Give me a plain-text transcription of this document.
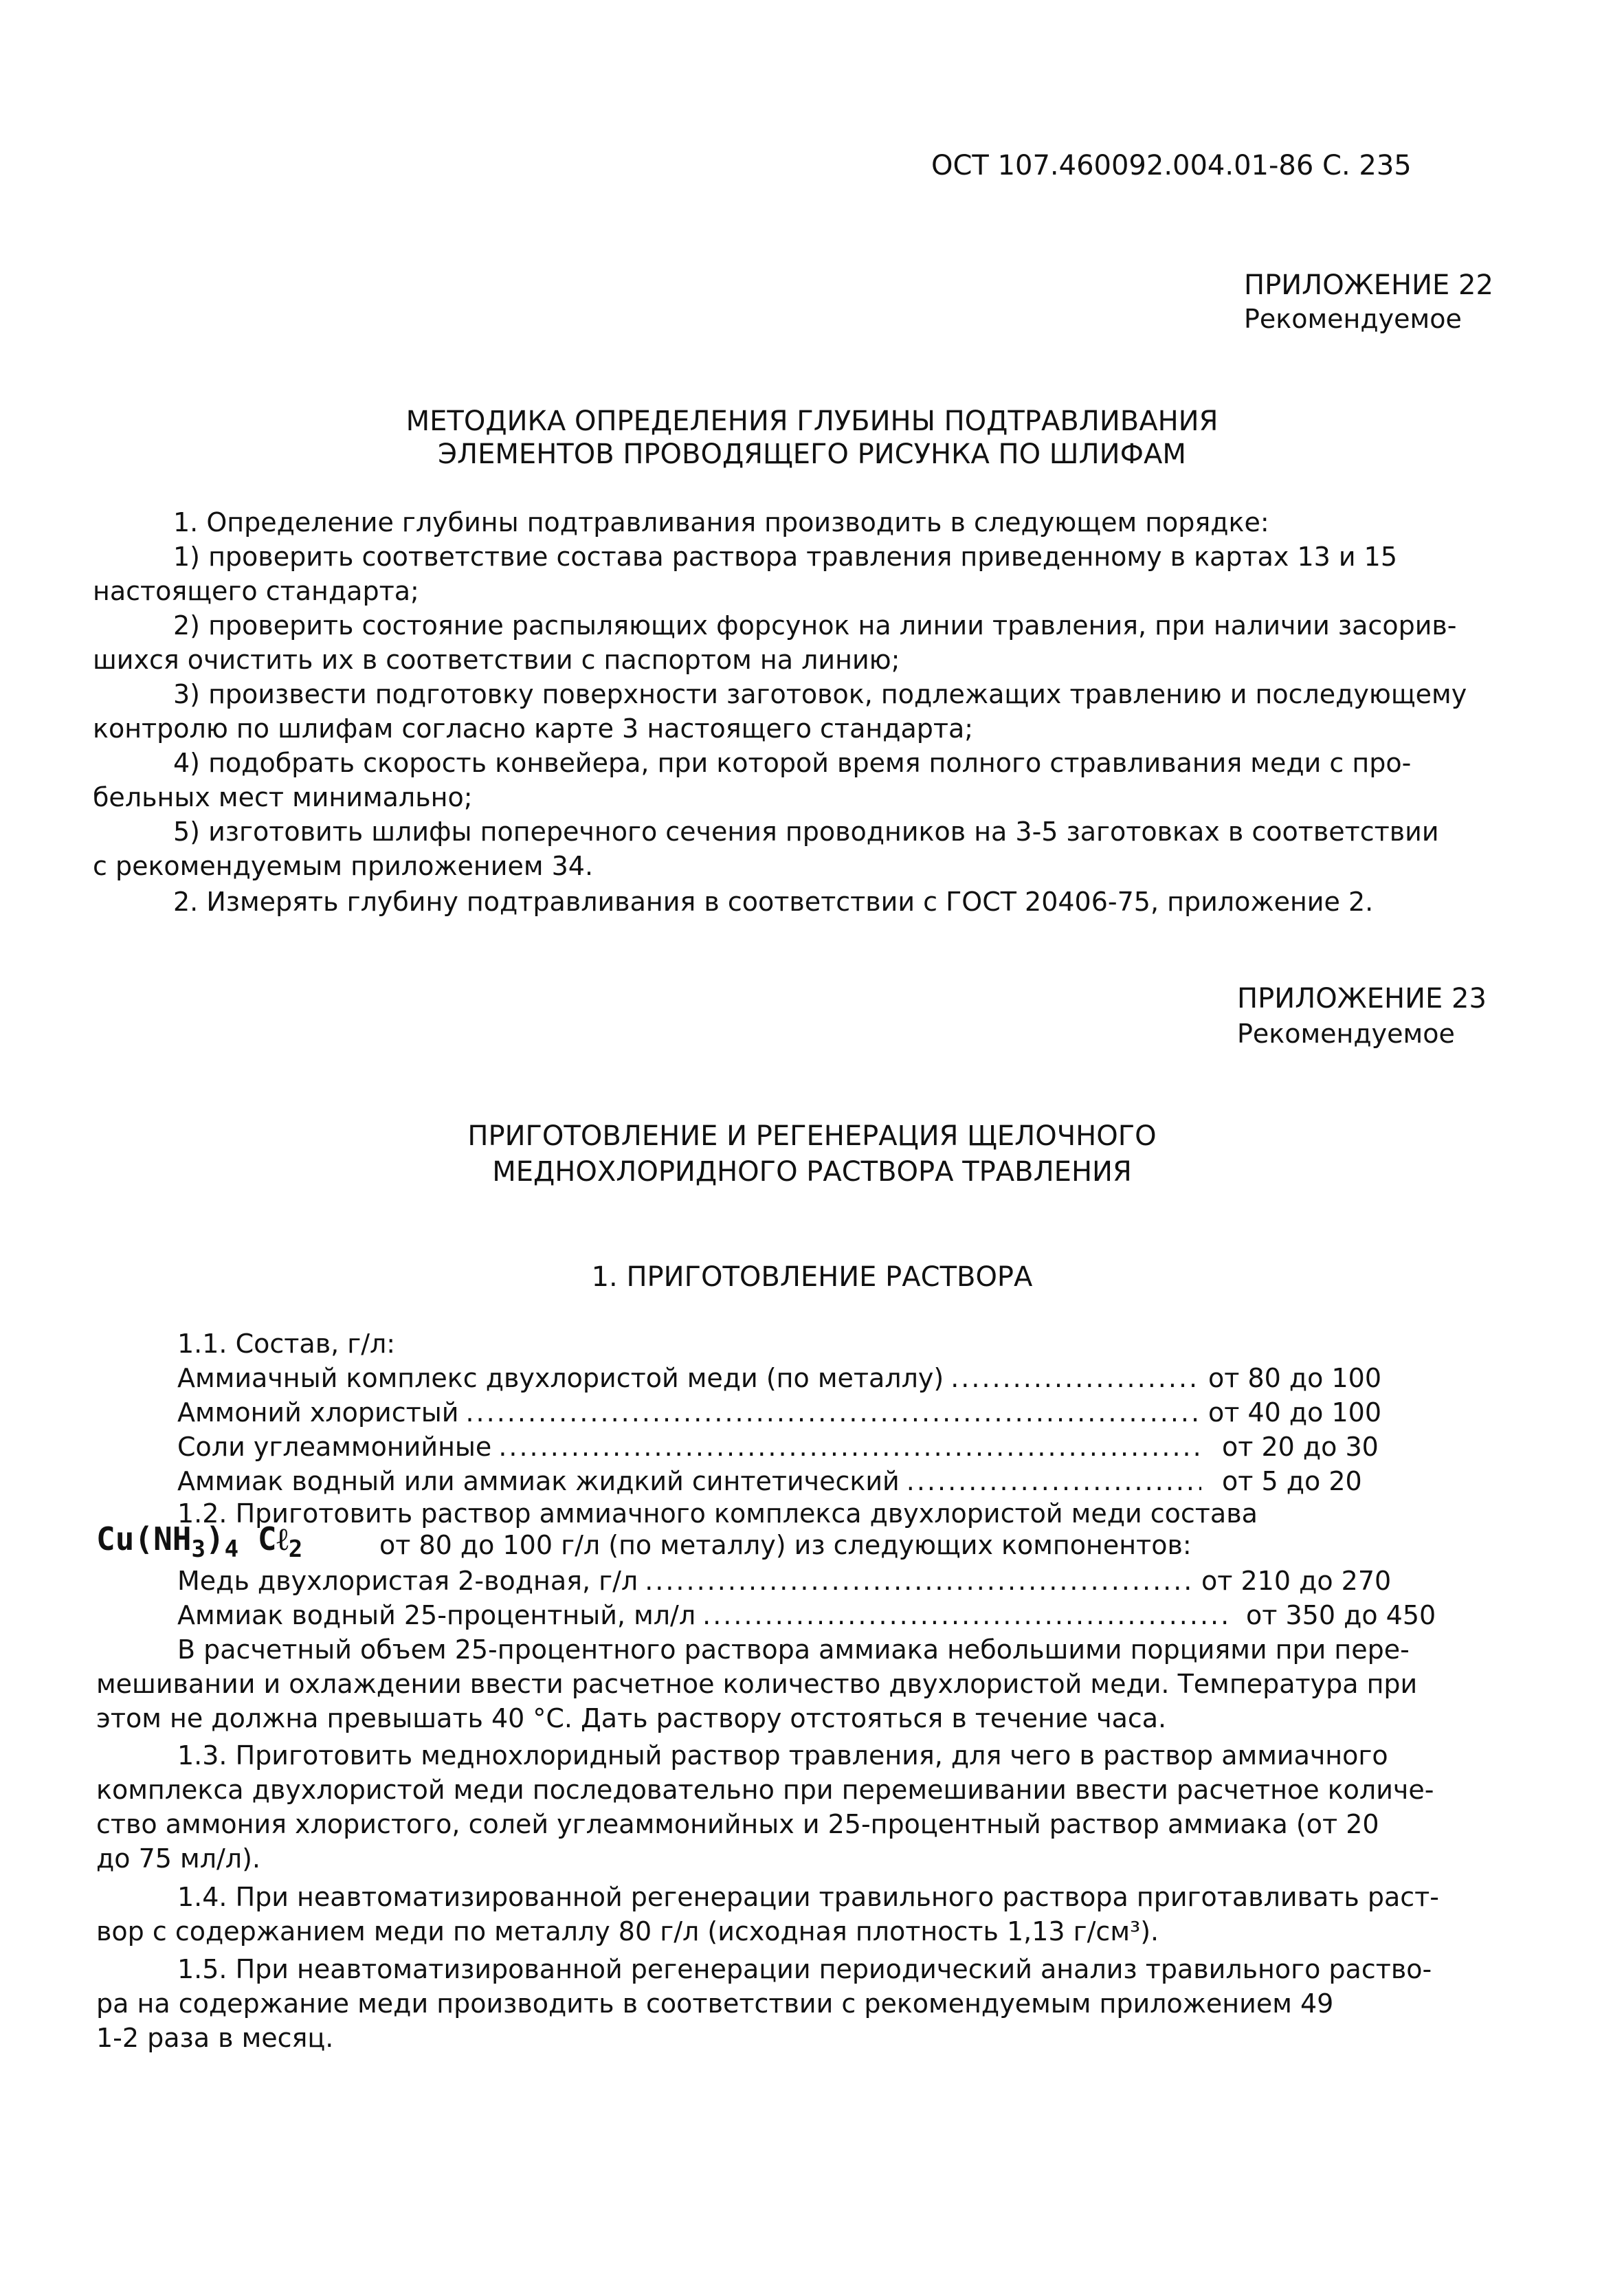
ОСТ 107.460092.004.01-86 С. 235
ПРИЛОЖЕНИЕ 22
Рекомендуемое
МЕТОДИКА ОПРЕДЕЛЕНИЯ ГЛУБИНЫ ПОДТРАВЛИВАНИЯ
ЭЛЕМЕНТОВ ПРОВОДЯЩЕГО РИСУНКА ПО ШЛИФАМ
1. Определение глубины подтравливания производить в следующем порядке:
1) проверить соответствие состава раствора травления приведенному в картах 13 и 15
настоящего стандарта;
2) проверить состояние распыляющих форсунок на линии травления, при наличии засорив-
шихся очистить их в соответствии с паспортом на линию;
3) произвести подготовку поверхности заготовок, подлежащих травлению и последующему
контролю по шлифам согласно карте 3 настоящего стандарта;
4) подобрать скорость конвейера, при которой время полного стравливания меди с про-
бельных мест минимально;
5) изготовить шлифы поперечного сечения проводников на 3-5 заготовках в соответствии
с рекомендуемым приложением 34.
2. Измерять глубину подтравливания в соответствии с ГОСТ 20406-75, приложение 2.
ПРИЛОЖЕНИЕ 23
Рекомендуемое
ПРИГОТОВЛЕНИЕ И РЕГЕНЕРАЦИЯ ЩЕЛОЧНОГО
МЕДНОХЛОРИДНОГО РАСТВОРА ТРАВЛЕНИЯ
1. ПРИГОТОВЛЕНИЕ РАСТВОРА
1.1. Состав, г/л:
Аммиачный комплекс двухлористой меди (по металлу) .....	от 80 до 100
Аммоний хлористый .....	от 40 до 100
Соли углеаммонийные .....	от 20 до 30
Аммиак водный или аммиак жидкий синтетический .....	от 5 до 20
1.2. Приготовить раствор аммиачного комплекса двухлористой меди состава
$Cu(NH_3)_4$ Cℓ$_2$	от 80 до 100 г/л (по металлу) из следующих компонентов:
Медь двухлористая 2-водная, г/л .....	от 210 до 270
Аммиак водный 25-процентный, мл/л .....	от 350 до 450
В расчетный объем 25-процентного раствора аммиака небольшими порциями при пере-
мешивании и охлаждении ввести расчетное количество двухлористой меди. Температура при
этом не должна превышать 40 °С. Дать раствору отстояться в течение часа.
1.3. Приготовить меднохлоридный раствор травления, для чего в раствор аммиачного
комплекса двухлористой меди последовательно при перемешивании ввести расчетное количе-
ство аммония хлористого, солей углеаммонийных и 25-процентный раствор аммиака (от 20
до 75 мл/л).
1.4. При неавтоматизированной регенерации травильного раствора приготавливать раст-
вор с содержанием меди по металлу 80 г/л (исходная плотность 1,13 г/см³).
1.5. При неавтоматизированной регенерации периодический анализ травильного раство-
ра на содержание меди производить в соответствии с рекомендуемым приложением 49
1-2 раза в месяц.
